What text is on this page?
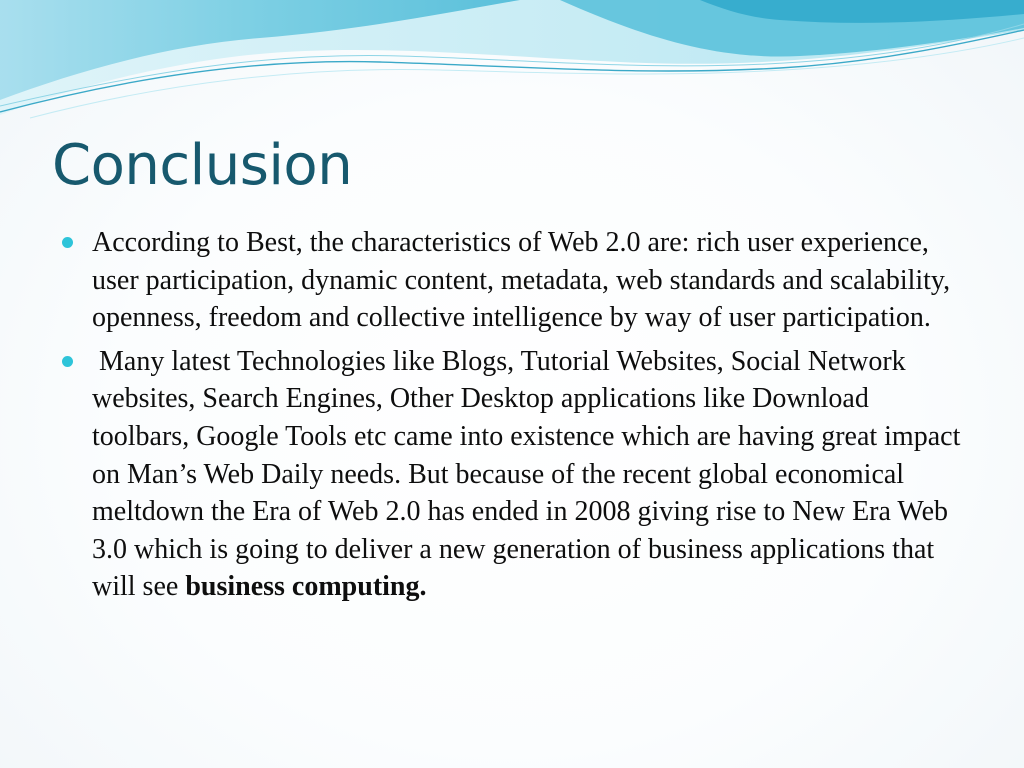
Conclusion
According to Best, the characteristics of Web 2.0 are: rich user experience, user participation, dynamic content, metadata, web standards and scalability,  openness, freedom and collective intelligence by way of user participation.
Many latest Technologies like Blogs, Tutorial Websites, Social Network websites, Search Engines, Other Desktop applications like Download toolbars, Google Tools etc came into existence which are having great impact on Man’s Web Daily needs. But because of the recent global economical meltdown the Era of Web 2.0 has ended in 2008 giving rise to New Era Web 3.0 which is going to deliver a new generation of business applications that will see business computing.
